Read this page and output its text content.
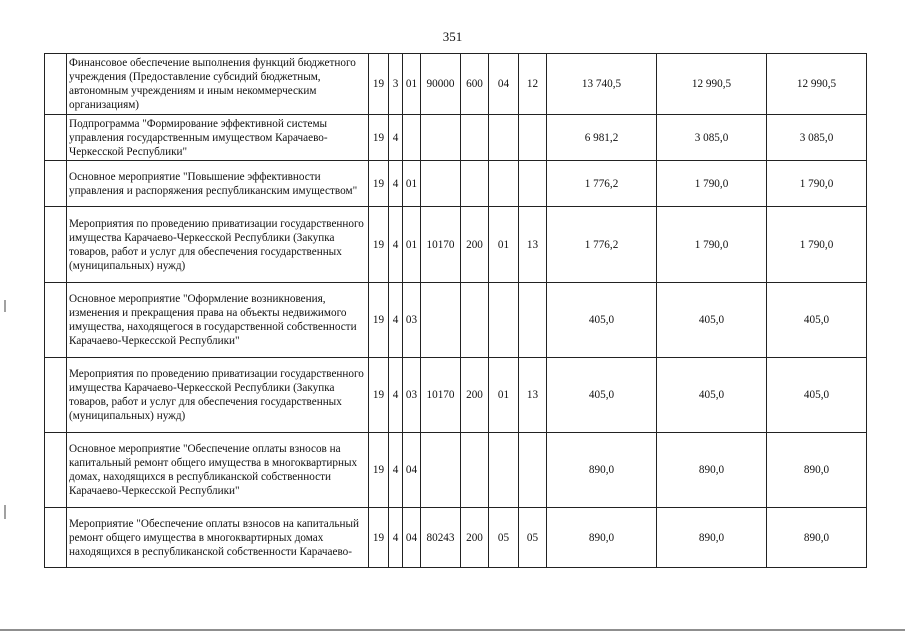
351
	Финансовое обеспечение выполнения функций бюджетного учреждения (Предоставление субсидий бюджетным, автономным учреждениям и иным некоммерческим организациям)	19	3	01	90000	600	04	12	13 740,5	12 990,5	12 990,5
	Подпрограмма "Формирование эффективной системы управления государственным имуществом Карачаево-Черкесской Республики"	19	4						6 981,2	3 085,0	3 085,0
	Основное мероприятие "Повышение эффективности управления и распоряжения республиканским имуществом"	19	4	01					1 776,2	1 790,0	1 790,0
	Мероприятия по проведению приватизации государственного имущества Карачаево-Черкесской Республики (Закупка товаров, работ и услуг для обеспечения государственных (муниципальных) нужд)	19	4	01	10170	200	01	13	1 776,2	1 790,0	1 790,0
	Основное мероприятие "Оформление возникновения, изменения и прекращения права на объекты недвижимого имущества, находящегося в государственной собственности Карачаево-Черкесской Республики"	19	4	03					405,0	405,0	405,0
	Мероприятия по проведению приватизации государственного имущества Карачаево-Черкесской Республики (Закупка товаров, работ и услуг для обеспечения государственных (муниципальных) нужд)	19	4	03	10170	200	01	13	405,0	405,0	405,0
	Основное мероприятие "Обеспечение оплаты взносов на капитальный ремонт общего имущества в многоквартирных домах, находящихся в республиканской собственности Карачаево-Черкесской Республики"	19	4	04					890,0	890,0	890,0
	Мероприятие "Обеспечение оплаты взносов на капитальный ремонт общего имущества в многоквартирных домах находящихся в республиканской собственности Карачаево-	19	4	04	80243	200	05	05	890,0	890,0	890,0
